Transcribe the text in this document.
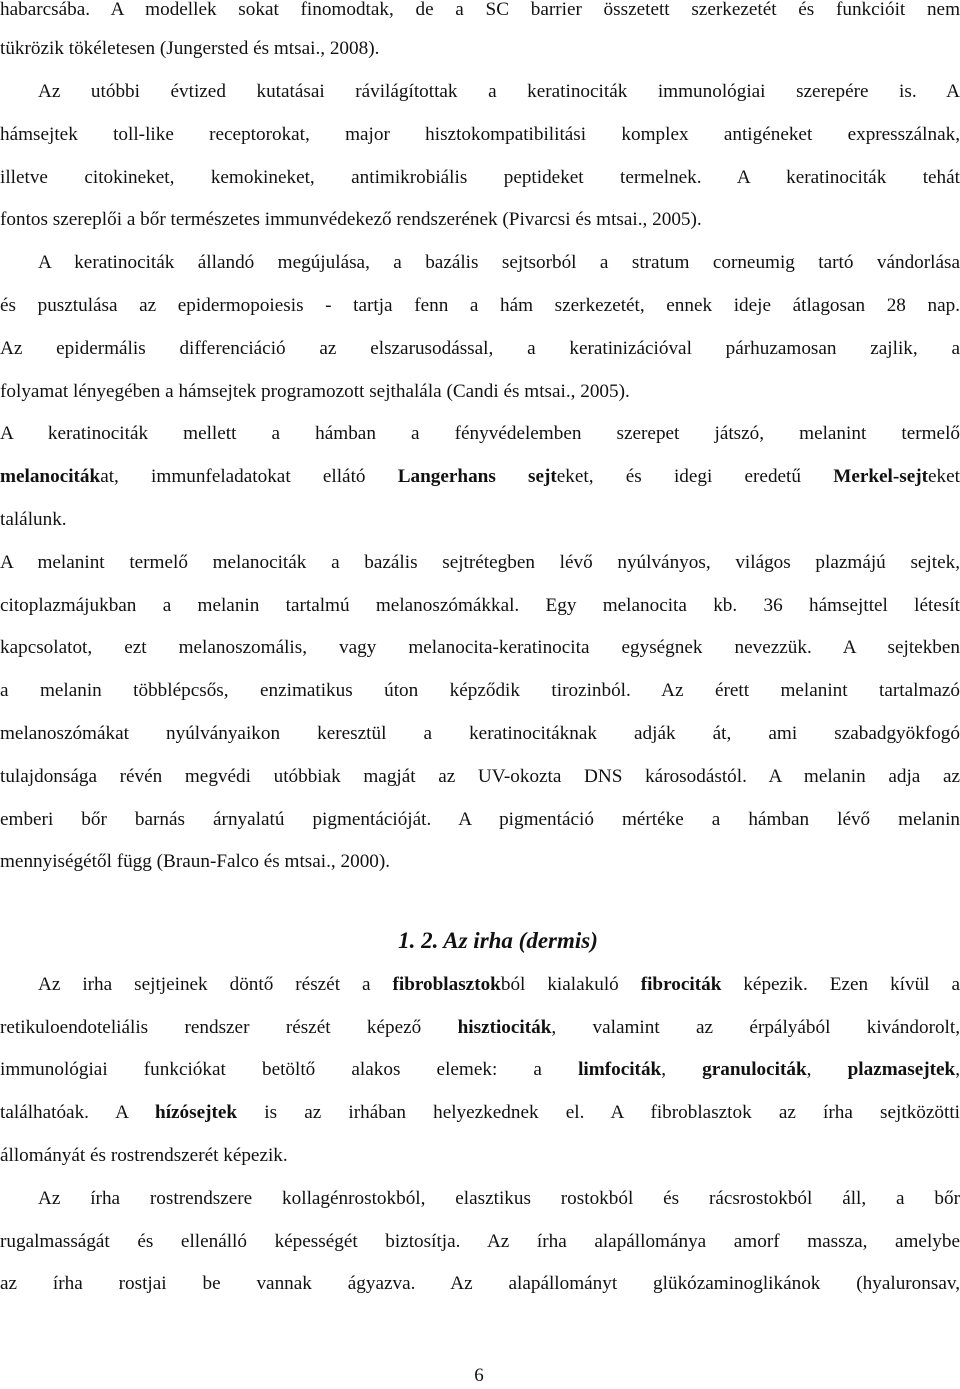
habarcsába. A modellek sokat finomodtak, de a SC barrier összetett szerkezetét és funkcióit nem
tükrözik tökéletesen (Jungersted és mtsai., 2008).
Az utóbbi évtized kutatásai rávilágítottak a keratinociták immunológiai szerepére is. A
hámsejtek toll-like receptorokat, major hisztokompatibilitási komplex antigéneket expresszálnak,
illetve citokineket, kemokineket, antimikrobiális peptideket termelnek. A keratinociták tehát
fontos szereplői a bőr természetes immunvédekező rendszerének (Pivarcsi és mtsai., 2005).
A keratinociták állandó megújulása, a bazális sejtsorból a stratum corneumig tartó vándorlása
és pusztulása az epidermopoiesis - tartja fenn a hám szerkezetét, ennek ideje átlagosan 28 nap.
Az epidermális differenciáció az elszarusodással, a keratinizációval párhuzamosan zajlik, a
folyamat lényegében a hámsejtek programozott sejthalála (Candi és mtsai., 2005).
A keratinociták mellett a hámban a fényvédelemben szerepet játszó, melanint termelő
melanocitákat, immunfeladatokat ellátó Langerhans sejteket, és idegi eredetű Merkel-sejteket
találunk.
A melanint termelő melanociták a bazális sejtrétegben lévő nyúlványos, világos plazmájú sejtek,
citoplazmájukban a melanin tartalmú melanoszómákkal. Egy melanocita kb. 36 hámsejttel létesít
kapcsolatot, ezt melanoszomális, vagy melanocita-keratinocita egységnek nevezzük. A sejtekben
a melanin többlépcsős, enzimatikus úton képződik tirozinból. Az érett melanint tartalmazó
melanoszómákat nyúlványaikon keresztül a keratinocitáknak adják át, ami szabadgyökfogó
tulajdonsága révén megvédi utóbbiak magját az UV-okozta DNS károsodástól. A melanin adja az
emberi bőr barnás árnyalatú pigmentációját. A pigmentáció mértéke a hámban lévő melanin
mennyiségétől függ (Braun-Falco és mtsai., 2000).
1. 2. Az irha (dermis)
Az irha sejtjeinek döntő részét a fibroblasztokból kialakuló fibrociták képezik. Ezen kívül a
retikuloendoteliális rendszer részét képező hisztiociták, valamint az érpályából kivándorolt,
immunológiai funkciókat betöltő alakos elemek: a limfociták, granulociták, plazmasejtek,
találhatóak. A hízósejtek is az irhában helyezkednek el. A fibroblasztok az írha sejtközötti
állományát és rostrendszerét képezik.
Az írha rostrendszere kollagénrostokból, elasztikus rostokból és rácsrostokból áll, a bőr
rugalmasságát és ellenálló képességét biztosítja. Az írha alapállománya amorf massza, amelybe
az írha rostjai be vannak ágyazva. Az alapállományt glükózaminoglikánok (hyaluronsav,
6
